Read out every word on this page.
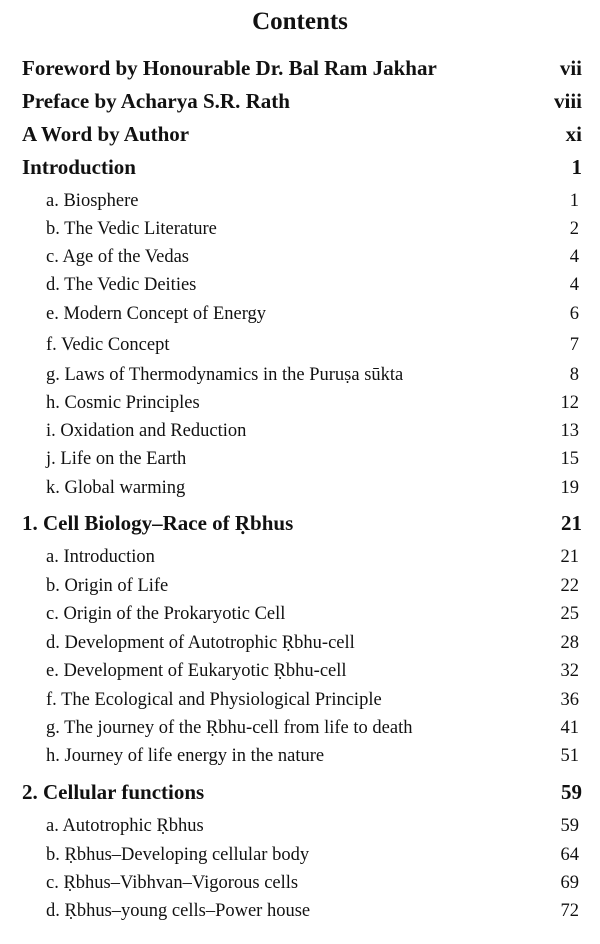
Contents
Foreword by Honourable Dr. Bal Ram Jakhar	vii
Preface by Acharya S.R. Rath	viii
A Word by Author	xi
Introduction	1
a. Biosphere	1
b. The Vedic Literature	2
c. Age of the Vedas	4
d. The Vedic Deities	4
e. Modern Concept of Energy	6
f. Vedic Concept	7
g. Laws of Thermodynamics in the Puruṣa sūkta	8
h. Cosmic Principles	12
i. Oxidation and Reduction	13
j. Life on the Earth	15
k. Global warming	19
1. Cell Biology–Race of Ṛbhus	21
a. Introduction	21
b. Origin of Life	22
c. Origin of the Prokaryotic Cell	25
d. Development of Autotrophic Ṛbhu-cell	28
e. Development of Eukaryotic Ṛbhu-cell	32
f. The Ecological and Physiological Principle	36
g. The journey of the Ṛbhu-cell from life to death	41
h. Journey of life energy in the nature	51
2. Cellular functions	59
a. Autotrophic Ṛbhus	59
b. Ṛbhus–Developing cellular body	64
c. Ṛbhus–Vibhvan–Vigorous cells	69
d. Ṛbhus–young cells–Power house	72
